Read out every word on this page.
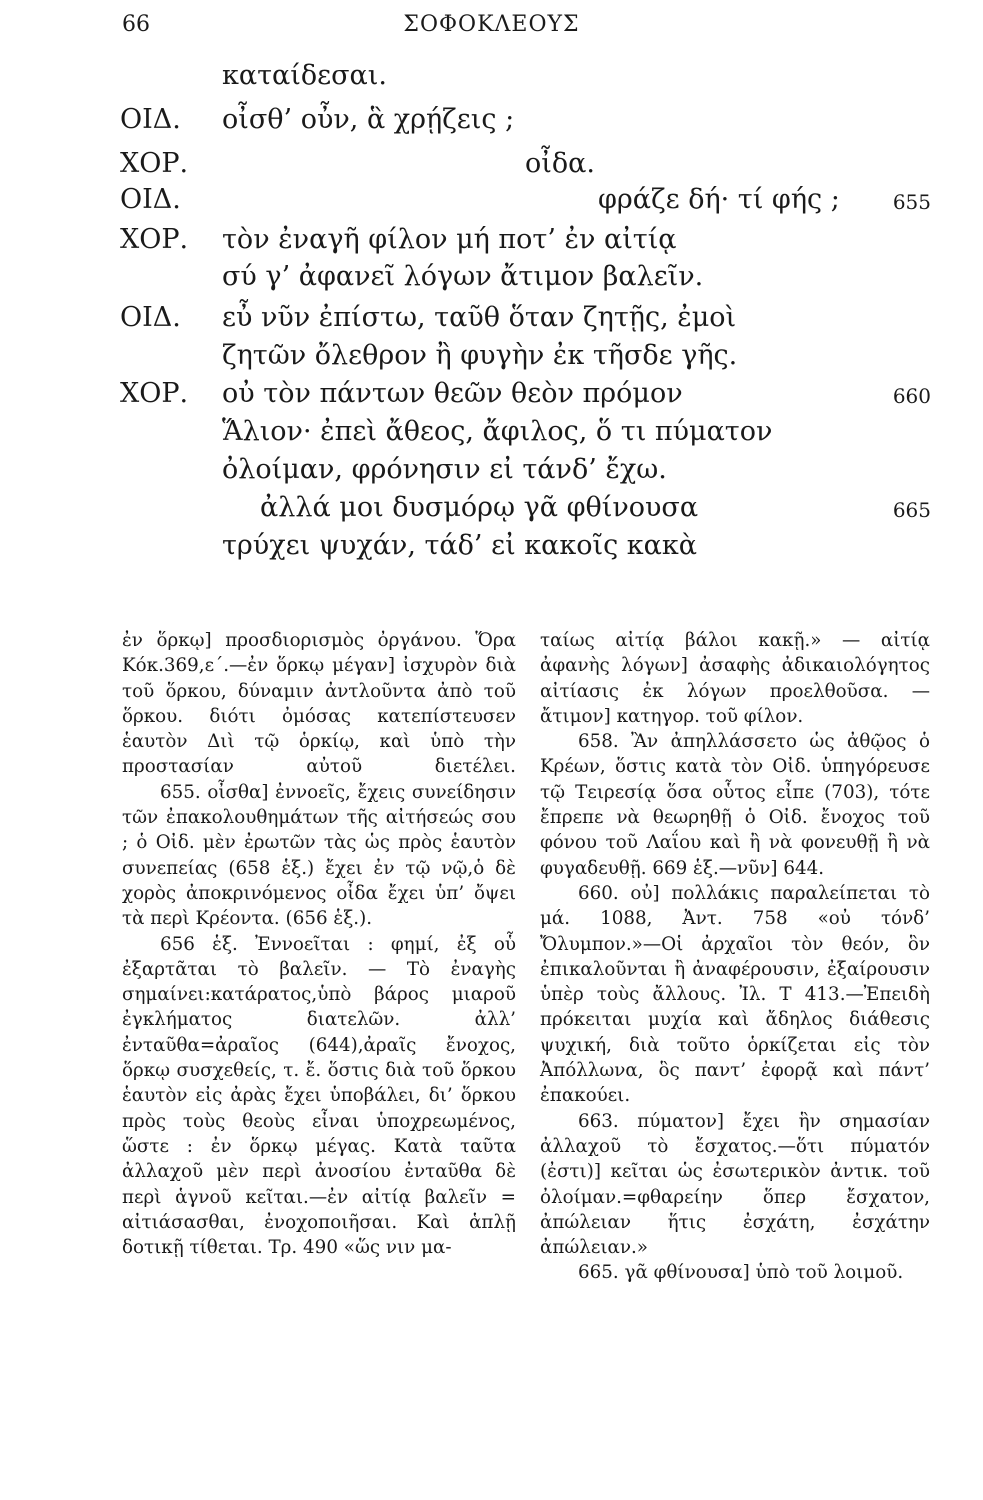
66	ΣΟΦΟΚΛΕΟΥΣ
καταίδεσαι.
ΟΙΔ. οἶσθ’ οὖν, ἃ χρῄζεις ;
ΧΟΡ.	οἶδα.
ΟΙΔ.	φράζε δή· τί φής ;	655
ΧΟΡ. τὸν ἐναγῆ φίλον μή ποτ’ ἐν αἰτίᾳ
σύ γ’ ἀφανεῖ λόγων ἄτιμον βαλεῖν.
ΟΙΔ. εὖ νῦν ἐπίστω, ταῦθ ὅταν ζητῇς, ἐμοὶ
ζητῶν ὄλεθρον ἢ φυγὴν ἐκ τῆσδε γῆς.
ΧΟΡ. οὐ τὸν πάντων θεῶν θεὸν πρόμον	660
Ἅλιον· ἐπεὶ ἄθεος, ἄφιλος, ὅ τι πύματον
ὀλοίμαν, φρόνησιν εἰ τάνδ’ ἔχω.
ἀλλά μοι δυσμόρῳ γᾶ φθίνουσα	665
τρύχει ψυχάν, τάδ’ εἰ κακοῖς κακὰ

ἐν ὅρκῳ] προσδιορισμὸς ὀργάνου. Ὅρα Κόκ.369,ε΄.—ἐν ὅρκῳ μέγαν] ἰσχυρὸν διὰ τοῦ ὅρκου, δύναμιν ἀντλοῦντα ἀπὸ τοῦ ὅρκου. διότι ὀμόσας κατεπίστευσεν ἑαυτὸν Διὶ τῷ ὁρκίῳ, καὶ ὑπὸ τὴν προστασίαν αὐτοῦ διετέλει.

655. οἶσθα] ἐννοεῖς, ἔχεις συνείδησιν τῶν ἐπακολουθημάτων τῆς αἰτήσεώς σου ; ὁ Οἰδ. μὲν ἐρωτῶν τὰς ὡς πρὸς ἑαυτὸν συνεπείας (658 ἑξ.) ἔχει ἐν τῷ νῷ,ὁ δὲ χορὸς ἀποκρινόμενος οἶδα ἔχει ὑπ’ ὄψει τὰ περὶ Κρέοντα. (656 ἑξ.).

656 ἑξ. Ἐννοεῖται : φημί, ἐξ οὗ ἐξαρτᾶται τὸ βαλεῖν. — Τὸ ἐναγὴς σημαίνει:κατάρατος,ὑπὸ βάρος μιαροῦ ἐγκλήματος διατελῶν. ἀλλ’ ἐνταῦθα=ἀραῖος (644),ἀραῖς ἔνοχος, ὅρκῳ συσχεθείς, τ. ἔ. ὅστις διὰ τοῦ ὅρκου ἑαυτὸν εἰς ἀρὰς ἔχει ὑποβάλει, δι’ ὅρκου πρὸς τοὺς θεοὺς εἶναι ὑποχρεωμένος, ὥστε : ἐν ὅρκῳ μέγας. Κατὰ ταῦτα ἀλλαχοῦ μὲν περὶ ἀνοσίου ἐνταῦθα δὲ περὶ ἁγνοῦ κεῖται.—ἐν αἰτίᾳ βαλεῖν = αἰτιάσασθαι, ἐνοχοποιῆσαι. Καὶ ἁπλῇ δοτικῇ τίθεται. Τρ. 490 «ὥς νιν μα-

ταίως αἰτίᾳ βάλοι κακῇ.» — αἰτίᾳ ἀφανὴς λόγων] ἀσαφὴς ἀδικαιολόγητος αἰτίασις ἐκ λόγων προελθοῦσα. —ἄτιμον] κατηγορ. τοῦ φίλον.

658. Ἂν ἀπηλλάσσετο ὡς ἀθῷος ὁ Κρέων, ὅστις κατὰ τὸν Οἰδ. ὑπηγόρευσε τῷ Τειρεσίᾳ ὅσα οὗτος εἶπε (703), τότε ἔπρεπε νὰ θεωρηθῇ ὁ Οἰδ. ἔνοχος τοῦ φόνου τοῦ Λαΐου καὶ ἢ νὰ φονευθῇ ἢ νὰ φυγαδευθῇ. 669 ἑξ.—νῦν] 644.

660. οὐ] πολλάκις παραλείπεται τὸ μά. 1088, Ἀντ. 758 «οὐ τόνδ’ Ὄλυμπον.»—Οἱ ἀρχαῖοι τὸν θεόν, ὃν ἐπικαλοῦνται ἢ ἀναφέρουσιν, ἐξαίρουσιν ὑπὲρ τοὺς ἄλλους. Ἰλ. Τ 413.—Ἐπειδὴ πρόκειται μυχία καὶ ἄδηλος διάθεσις ψυχική, διὰ τοῦτο ὁρκίζεται εἰς τὸν Ἀπόλλωνα, ὃς παντ’ ἐφορᾷ καὶ πάντ’ ἐπακούει.

663. πύματον] ἔχει ἣν σημασίαν ἀλλαχοῦ τὸ ἔσχατος.—ὅτι πύματόν (ἐστι)] κεῖται ὡς ἐσωτερικὸν ἀντικ. τοῦ ὀλοίμαν.=φθαρείην ὅπερ ἔσχατον, ἀπώλειαν ἥτις ἐσχάτη, ἐσχάτην ἀπώλειαν.»

665. γᾶ φθίνουσα] ὑπὸ τοῦ λοιμοῦ.
